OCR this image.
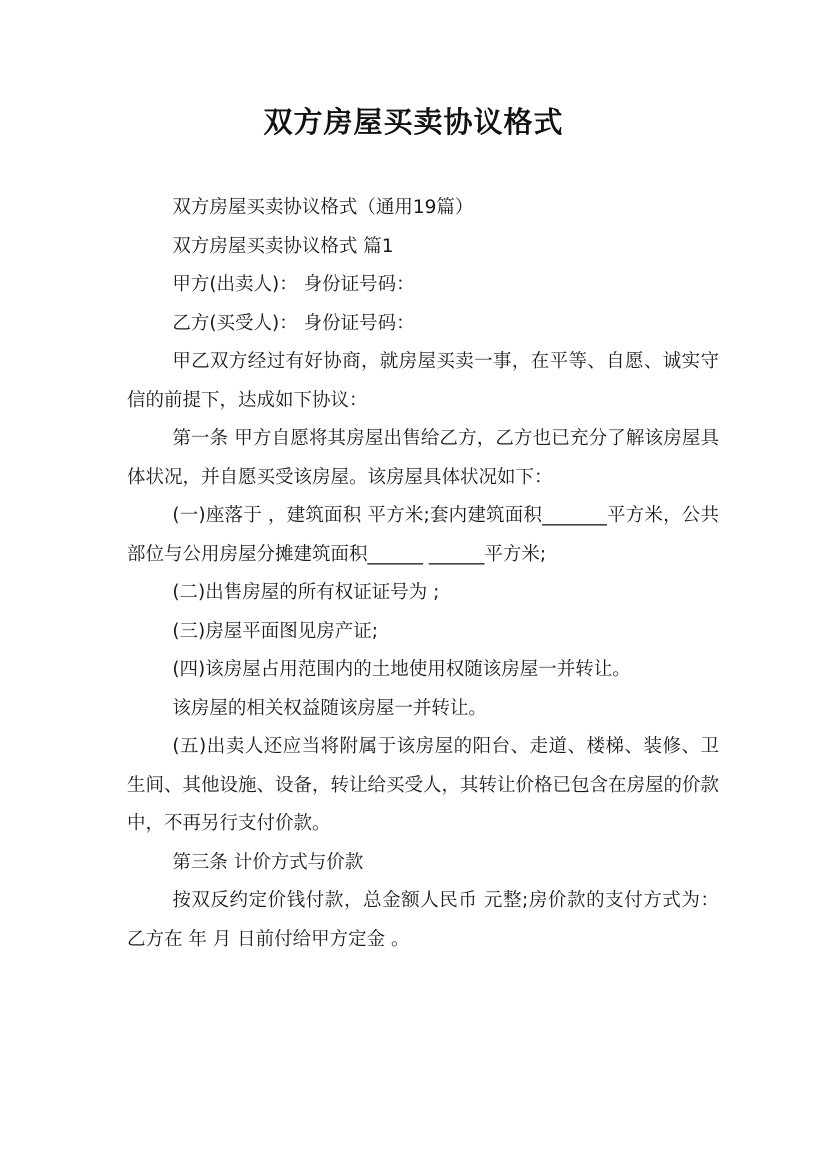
双方房屋买卖协议格式

双方房屋买卖协议格式（通用19篇）

双方房屋买卖协议格式 篇1

甲方(出卖人)： 身份证号码：

乙方(买受人)： 身份证号码：

甲乙双方经过有好协商，就房屋买卖一事，在平等、自愿、诚实守信的前提下，达成如下协议：

第一条 甲方自愿将其房屋出售给乙方，乙方也已充分了解该房屋具体状况，并自愿买受该房屋。该房屋具体状况如下：

(一)座落于 ，建筑面积 平方米;套内建筑面积_______平方米，公共部位与公用房屋分摊建筑面积______ ______平方米;

(二)出售房屋的所有权证证号为 ;

(三)房屋平面图见房产证;

(四)该房屋占用范围内的土地使用权随该房屋一并转让。

该房屋的相关权益随该房屋一并转让。

(五)出卖人还应当将附属于该房屋的阳台、走道、楼梯、装修、卫生间、其他设施、设备，转让给买受人，其转让价格已包含在房屋的价款中，不再另行支付价款。

第三条 计价方式与价款

按双反约定价钱付款，总金额人民币 元整;房价款的支付方式为：乙方在 年 月 日前付给甲方定金 。
